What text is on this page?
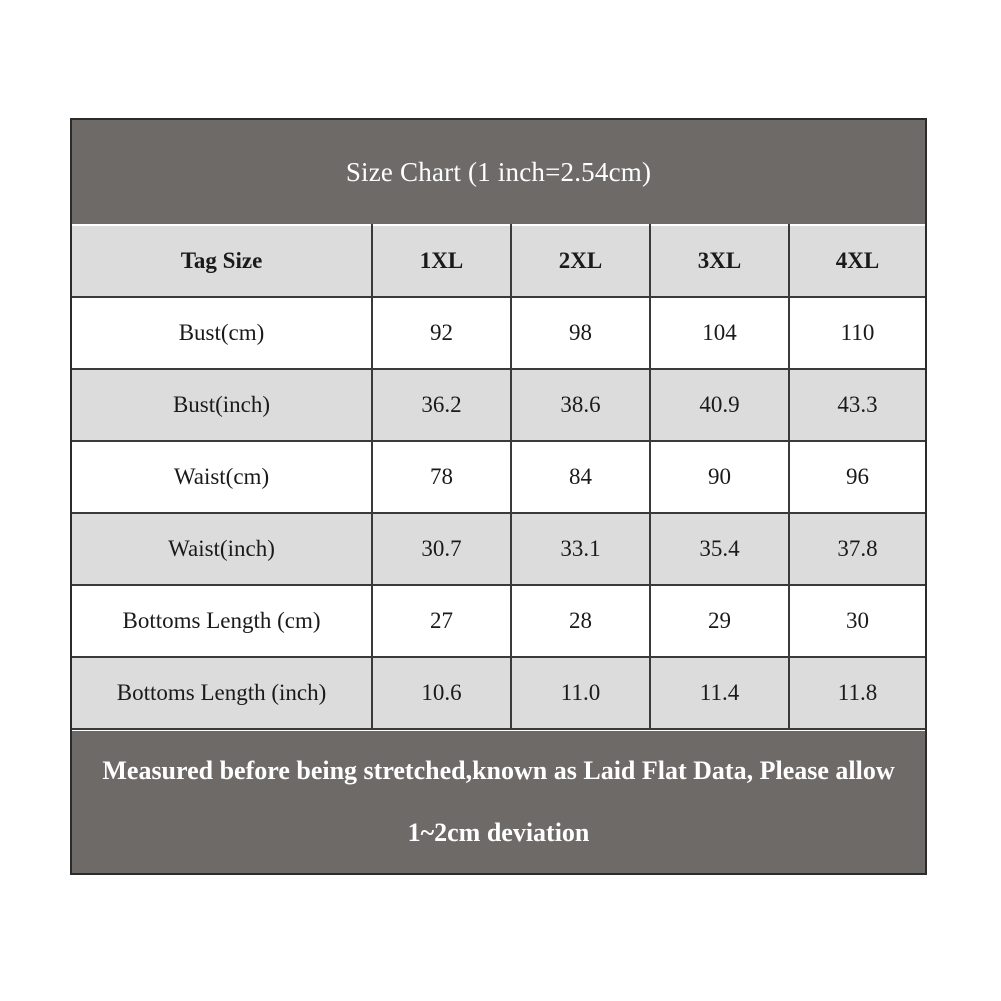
Size Chart (1 inch=2.54cm)
Tag Size	1XL	2XL	3XL	4XL
Bust(cm)	92	98	104	110
Bust(inch)	36.2	38.6	40.9	43.3
Waist(cm)	78	84	90	96
Waist(inch)	30.7	33.1	35.4	37.8
Bottoms Length (cm)	27	28	29	30
Bottoms Length (inch)	10.6	11.0	11.4	11.8
Measured before being stretched,known as Laid Flat Data, Please allow
1~2cm deviation
